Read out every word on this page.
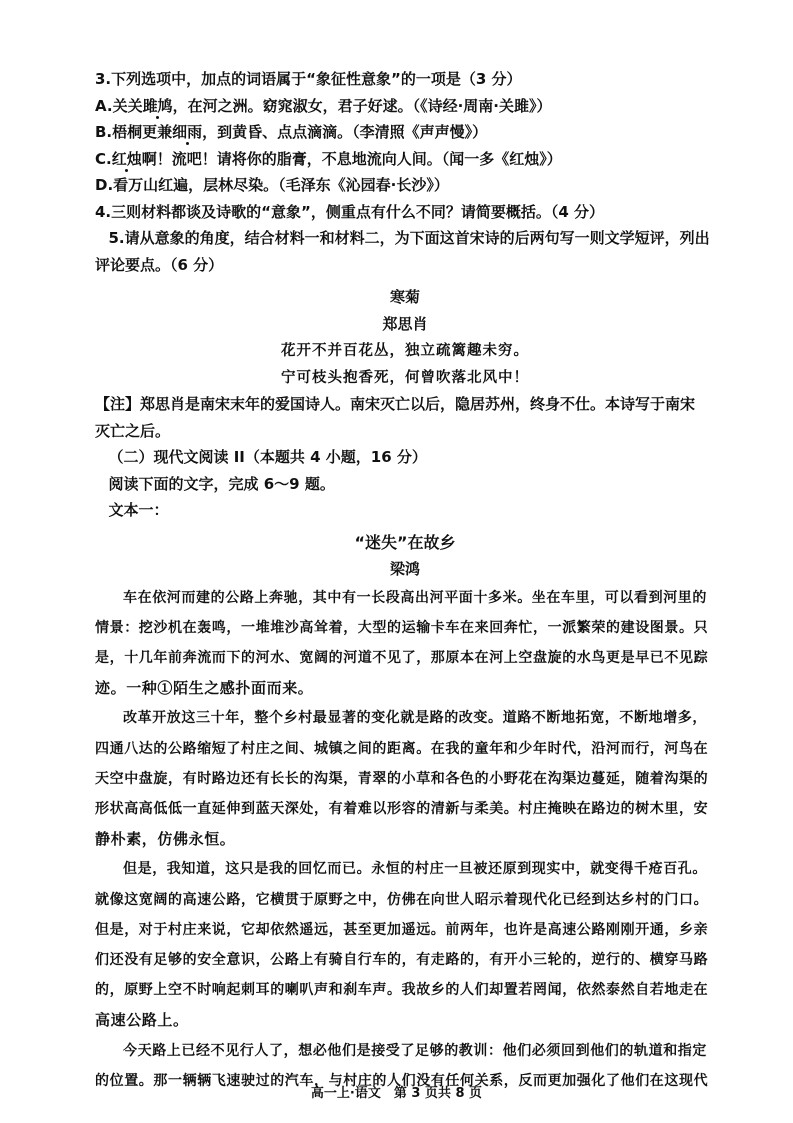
3.下列选项中，加点的词语属于“象征性意象”的一项是（3 分）
A.关关雎鸠，在河之洲。窈窕淑女，君子好逑。（《诗经·周南·关雎》）
B.梧桐更兼细雨，到黄昏、点点滴滴。（李清照《声声慢》）
C.红烛啊！流吧！请将你的脂膏，不息地流向人间。（闻一多《红烛》）
D.看万山红遍，层林尽染。（毛泽东《沁园春·长沙》）
4.三则材料都谈及诗歌的“意象”，侧重点有什么不同？请简要概括。（4 分）
5.请从意象的角度，结合材料一和材料二，为下面这首宋诗的后两句写一则文学短评，列出
评论要点。（6 分）
寒菊
郑思肖
花开不并百花丛，独立疏篱趣未穷。
宁可枝头抱香死，何曾吹落北风中！
【注】郑思肖是南宋末年的爱国诗人。南宋灭亡以后，隐居苏州，终身不仕。本诗写于南宋
灭亡之后。
（二）现代文阅读 II（本题共 4 小题，16 分）
阅读下面的文字，完成 6～9 题。
文本一：
“迷失”在故乡
梁鸿
车在依河而建的公路上奔驰，其中有一长段高出河平面十多米。坐在车里，可以看到河里的
情景：挖沙机在轰鸣，一堆堆沙高耸着，大型的运输卡车在来回奔忙，一派繁荣的建设图景。只
是，十几年前奔流而下的河水、宽阔的河道不见了，那原本在河上空盘旋的水鸟更是早已不见踪
迹。一种①陌生之感扑面而来。
改革开放这三十年，整个乡村最显著的变化就是路的改变。道路不断地拓宽，不断地增多，
四通八达的公路缩短了村庄之间、城镇之间的距离。在我的童年和少年时代，沿河而行，河鸟在
天空中盘旋，有时路边还有长长的沟渠，青翠的小草和各色的小野花在沟渠边蔓延，随着沟渠的
形状高高低低一直延伸到蓝天深处，有着难以形容的清新与柔美。村庄掩映在路边的树木里，安
静朴素，仿佛永恒。
但是，我知道，这只是我的回忆而已。永恒的村庄一旦被还原到现实中，就变得千疮百孔。
就像这宽阔的高速公路，它横贯于原野之中，仿佛在向世人昭示着现代化已经到达乡村的门口。
但是，对于村庄来说，它却依然遥远，甚至更加遥远。前两年，也许是高速公路刚刚开通，乡亲
们还没有足够的安全意识，公路上有骑自行车的，有走路的，有开小三轮的，逆行的、横穿马路
的，原野上空不时响起刺耳的喇叭声和刹车声。我故乡的人们却置若罔闻，依然泰然自若地走在
高速公路上。
今天路上已经不见行人了，想必他们是接受了足够的教训：他们必须回到他们的轨道和指定
的位置。那一辆辆飞速驶过的汽车，与村庄的人们没有任何关系，反而更加强化了他们在这现代
高一上·语文　第 3 页共 8 页
